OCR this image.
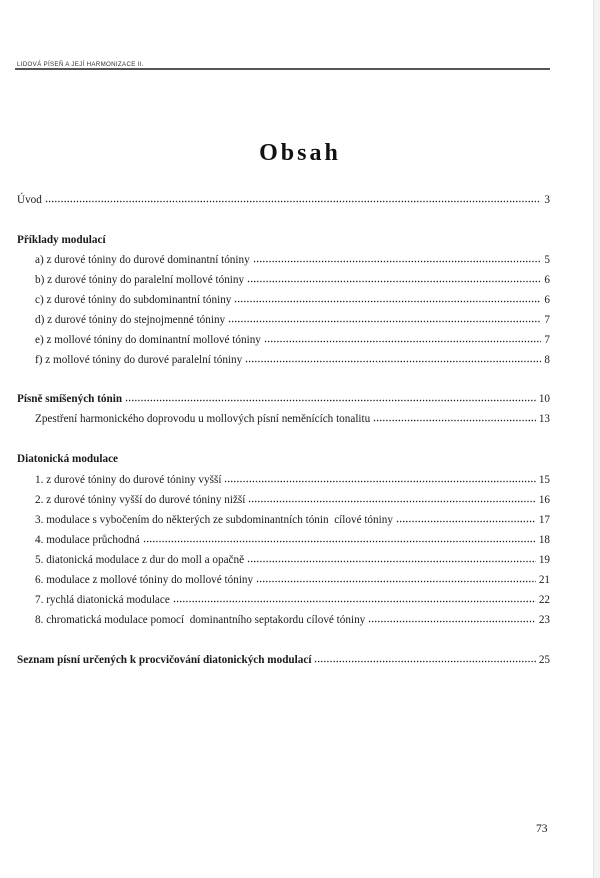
LIDOVÁ PÍSEŇ A JEJÍ HARMONIZACE II.
Obsah
Úvod	3
Příklady modulací
a) z durové tóniny do durové dominantní tóniny	5
b) z durové tóniny do paralelní mollové tóniny	6
c) z durové tóniny do subdominantní tóniny	6
d) z durové tóniny do stejnojmenné tóniny	7
e) z mollové tóniny do dominantní mollové tóniny	7
f) z mollové tóniny do durové paralelní tóniny	8
Písně smíšených tónin	10
Zpestření harmonického doprovodu u mollových písní neměnících tonalitu	13
Diatonická modulace
1. z durové tóniny do durové tóniny vyšší	15
2. z durové tóniny vyšší do durové tóniny nižší	16
3. modulace s vybočením do některých ze subdominantních tónin  cílové tóniny	17
4. modulace průchodná	18
5. diatonická modulace z dur do moll a opačně	19
6. modulace z mollové tóniny do mollové tóniny	21
7. rychlá diatonická modulace	22
8. chromatická modulace pomocí  dominantního septakordu cílové tóniny	23
Seznam písní určených k procvičování diatonických modulací	25
73
